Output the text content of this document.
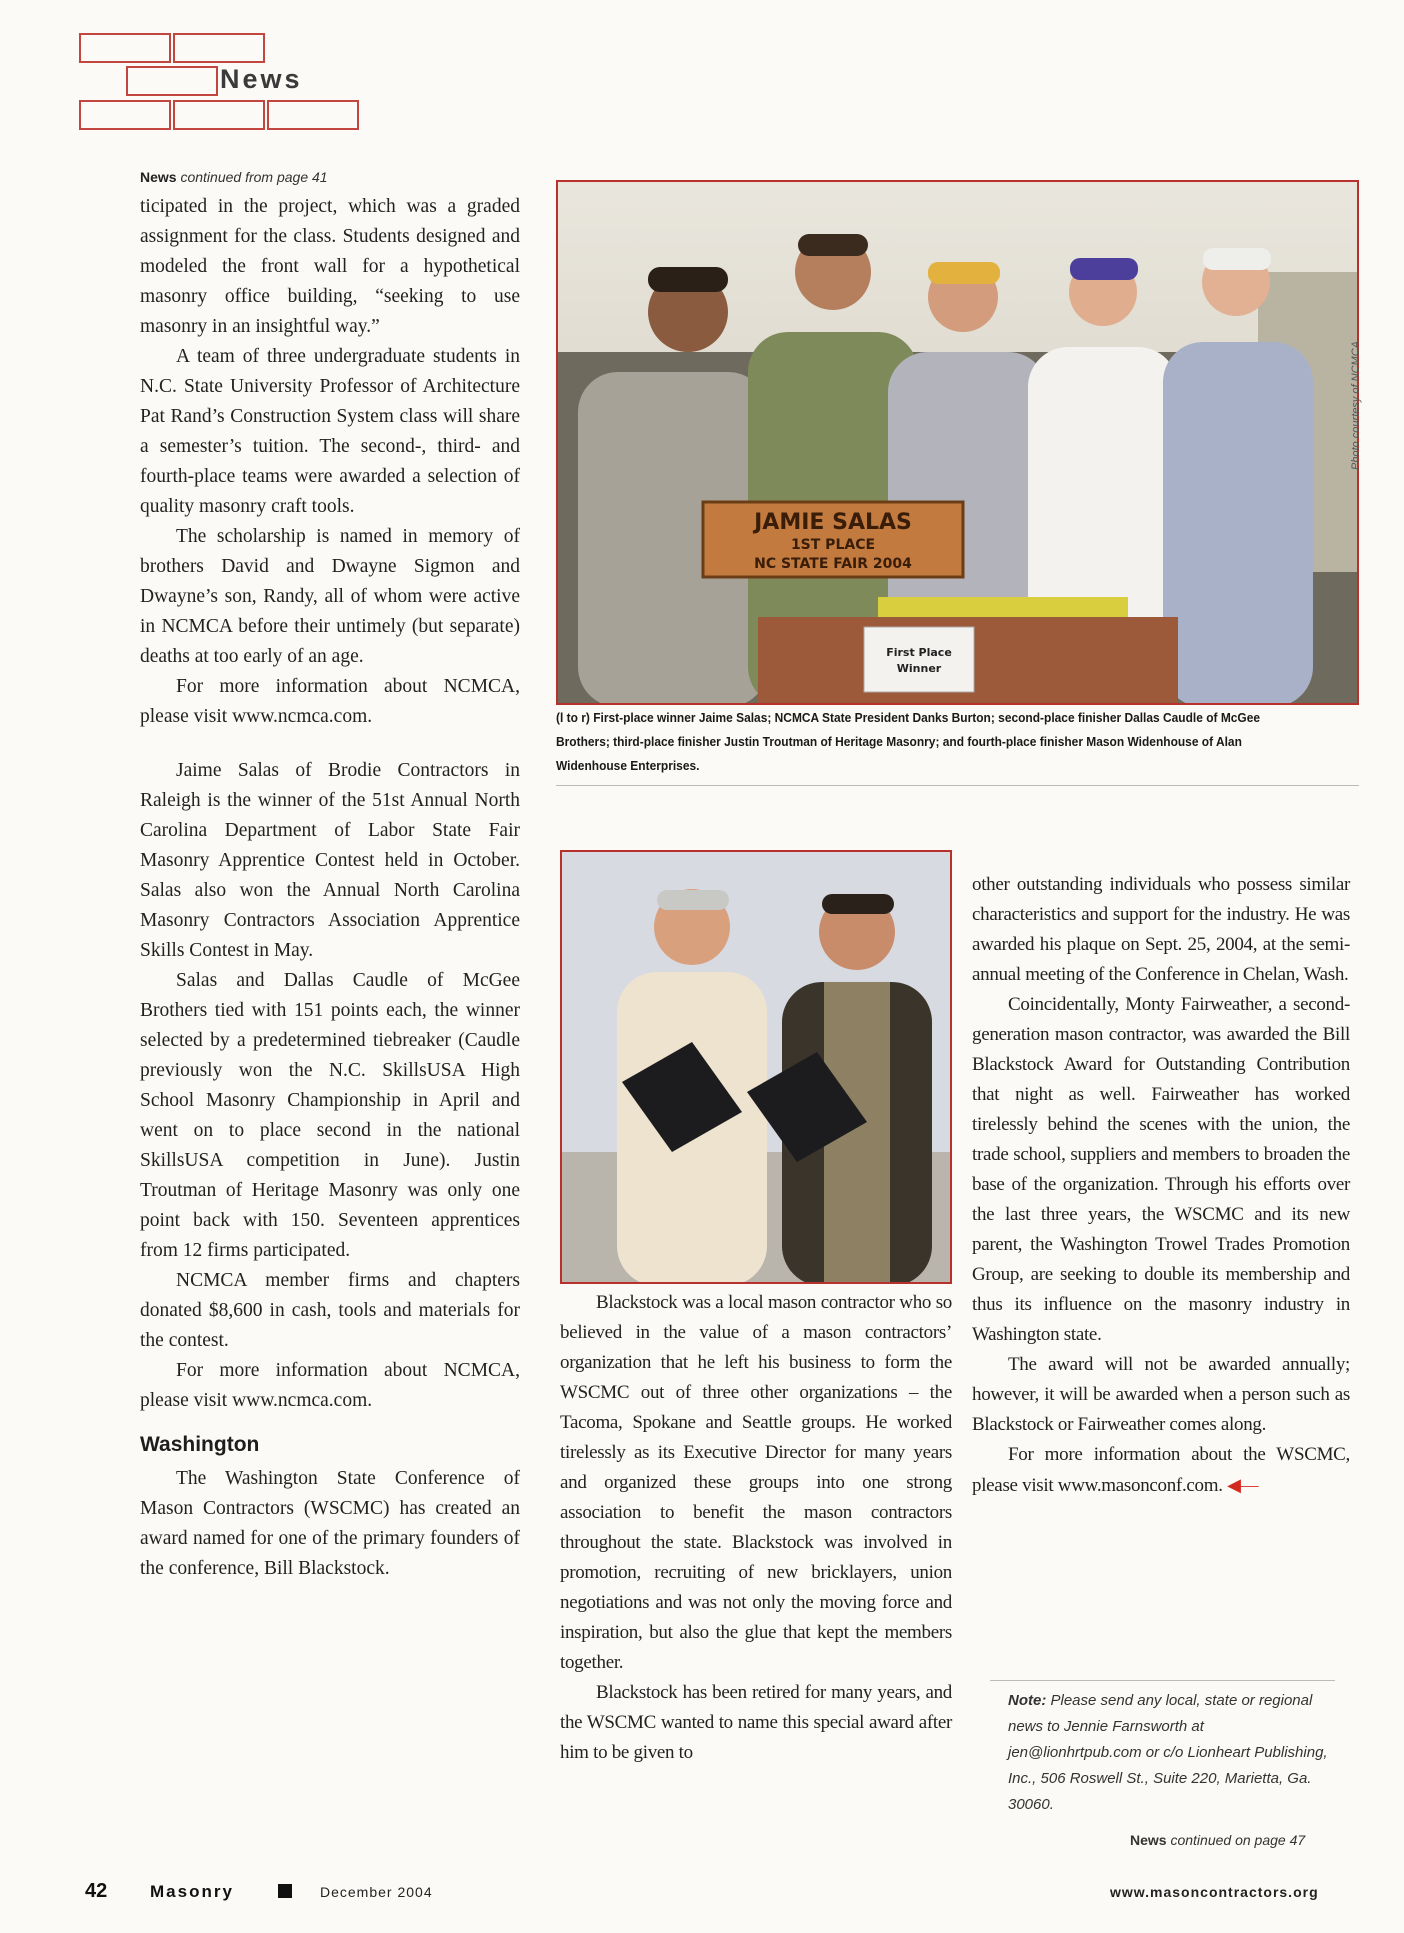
News

News continued from page 41

ticipated in the project, which was a graded assignment for the class. Students designed and modeled the front wall for a hypothetical masonry office building, “seeking to use masonry in an insightful way.”

A team of three undergraduate students in N.C. State University Professor of Architecture Pat Rand’s Construction System class will share a semester’s tuition. The second-, third- and fourth-place teams were awarded a selection of quality masonry craft tools.

The scholarship is named in memory of brothers David and Dwayne Sigmon and Dwayne’s son, Randy, all of whom were active in NCMCA before their untimely (but separate) deaths at too early of an age.

For more information about NCMCA, please visit www.ncmca.com.

Jaime Salas of Brodie Contractors in Raleigh is the winner of the 51st Annual North Carolina Department of Labor State Fair Masonry Apprentice Contest held in October. Salas also won the Annual North Carolina Masonry Contractors Association Apprentice Skills Contest in May.

Salas and Dallas Caudle of McGee Brothers tied with 151 points each, the winner selected by a predetermined tiebreaker (Caudle previously won the N.C. SkillsUSA High School Masonry Championship in April and went on to place second in the national SkillsUSA competition in June). Justin Troutman of Heritage Masonry was only one point back with 150. Seventeen apprentices from 12 firms participated.

NCMCA member firms and chapters donated $8,600 in cash, tools and materials for the contest.

For more information about NCMCA, please visit www.ncmca.com.

Washington

The Washington State Conference of Mason Contractors (WSCMC) has created an award named for one of the primary founders of the conference, Bill Blackstock.

JAMIE SALAS
1ST PLACE
NC STATE FAIR 2004
First Place
Winner
Photo courtesy of NCMCA
(l to r) First-place winner Jaime Salas; NCMCA State President Danks Burton; second-place finisher Dallas Caudle of McGee Brothers; third-place finisher Justin Troutman of Heritage Masonry; and fourth-place finisher Mason Widenhouse of Alan Widenhouse Enterprises.

Blackstock was a local mason contractor who so believed in the value of a mason contractors’ organization that he left his business to form the WSCMC out of three other organizations – the Tacoma, Spokane and Seattle groups. He worked tirelessly as its Executive Director for many years and organized these groups into one strong association to benefit the mason contractors throughout the state. Blackstock was involved in promotion, recruiting of new bricklayers, union negotiations and was not only the moving force and inspiration, but also the glue that kept the members together.

Blackstock has been retired for many years, and the WSCMC wanted to name this special award after him to be given to

other outstanding individuals who possess similar characteristics and support for the industry. He was awarded his plaque on Sept. 25, 2004, at the semi-annual meeting of the Conference in Chelan, Wash.

Coincidentally, Monty Fairweather, a second-generation mason contractor, was awarded the Bill Blackstock Award for Outstanding Contribution that night as well. Fairweather has worked tirelessly behind the scenes with the union, the trade school, suppliers and members to broaden the base of the organization. Through his efforts over the last three years, the WSCMC and its new parent, the Washington Trowel Trades Promotion Group, are seeking to double its membership and thus its influence on the masonry industry in Washington state.

The award will not be awarded annually; however, it will be awarded when a person such as Blackstock or Fairweather comes along.

For more information about the WSCMC, please visit www.masonconf.com. ◀—

Note: Please send any local, state or regional news to Jennie Farnsworth at jen@lionhrtpub.com or c/o Lionheart Publishing, Inc., 506 Roswell St., Suite 220, Marietta, Ga. 30060.
News continued on page 47
42	Masonry	December 2004	www.masoncontractors.org
